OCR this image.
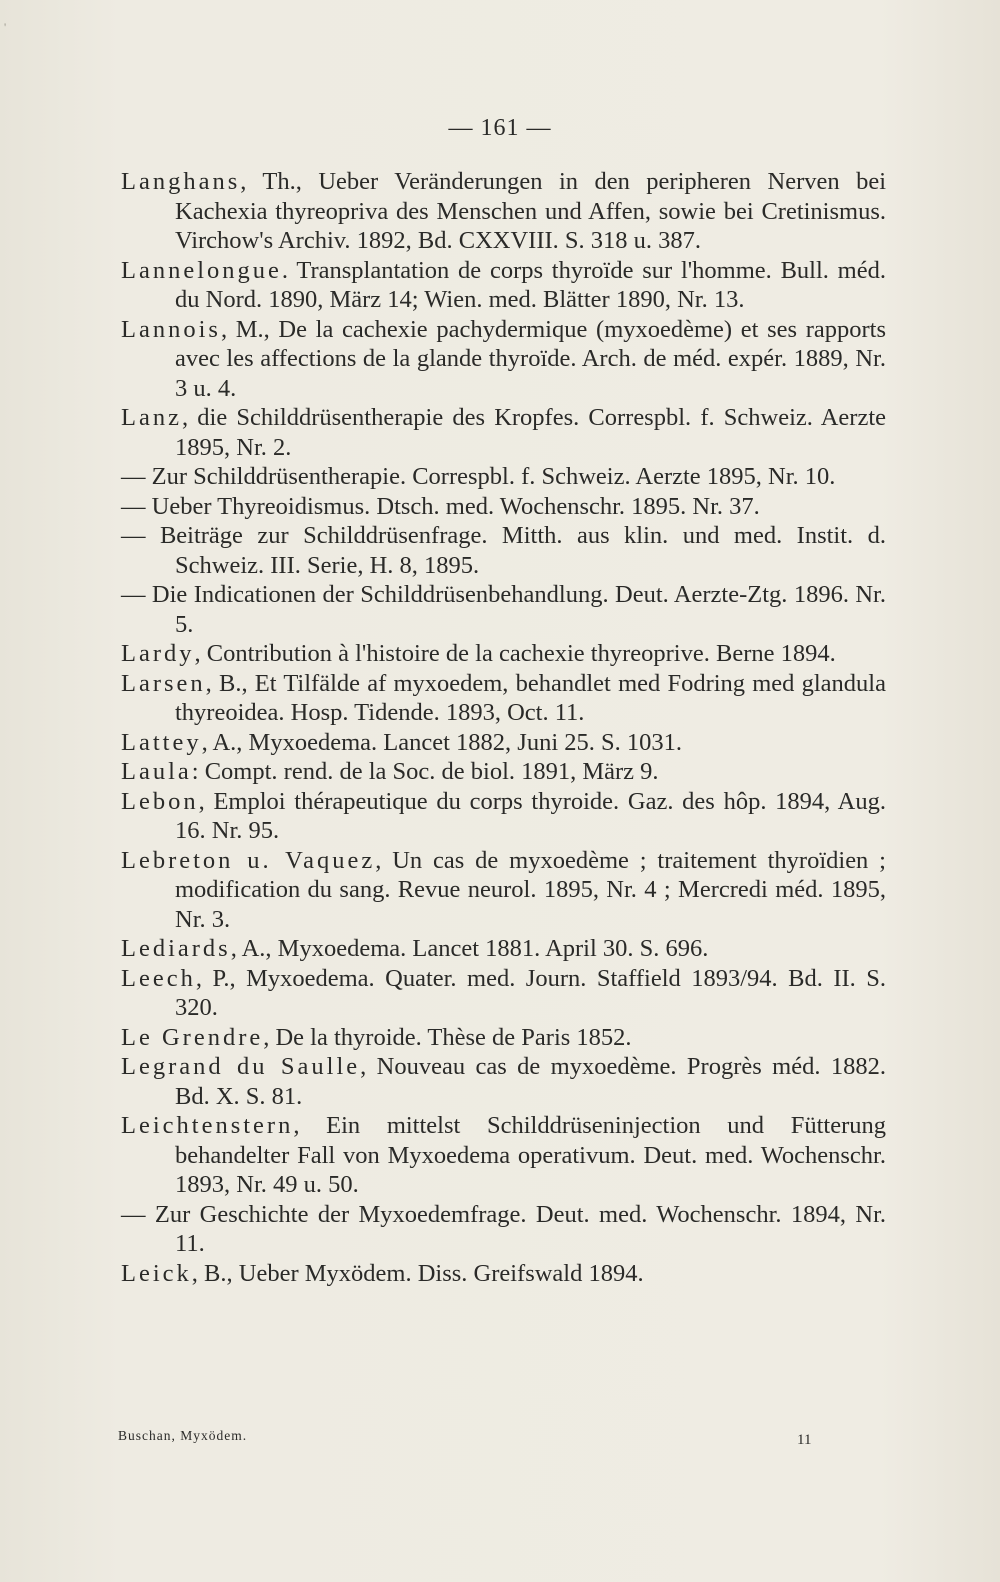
'
— 161 —

Langhans, Th., Ueber Veränderungen in den peripheren Nerven bei Kachexia thyreopriva des Menschen und Affen, sowie bei Cretinismus. Virchow's Archiv. 1892, Bd. CXXVIII. S. 318 u. 387.

Lannelongue. Transplantation de corps thyroïde sur l'homme. Bull. méd. du Nord. 1890, März 14; Wien. med. Blätter 1890, Nr. 13.

Lannois, M., De la cachexie pachydermique (myxoedème) et ses rapports avec les affections de la glande thyroïde. Arch. de méd. expér. 1889, Nr. 3 u. 4.

Lanz, die Schilddrüsentherapie des Kropfes. Correspbl. f. Schweiz. Aerzte 1895, Nr. 2.

— Zur Schilddrüsentherapie. Correspbl. f. Schweiz. Aerzte 1895, Nr. 10.

— Ueber Thyreoidismus. Dtsch. med. Wochenschr. 1895. Nr. 37.

— Beiträge zur Schilddrüsenfrage. Mitth. aus klin. und med. Instit. d. Schweiz. III. Serie, H. 8, 1895.

— Die Indicationen der Schilddrüsenbehandlung. Deut. Aerzte-Ztg. 1896. Nr. 5.

Lardy, Contribution à l'histoire de la cachexie thyreoprive. Berne 1894.

Larsen, B., Et Tilfälde af myxoedem, behandlet med Fodring med glandula thyreoidea. Hosp. Tidende. 1893, Oct. 11.

Lattey, A., Myxoedema. Lancet 1882, Juni 25. S. 1031.

Laula: Compt. rend. de la Soc. de biol. 1891, März 9.

Lebon, Emploi thérapeutique du corps thyroide. Gaz. des hôp. 1894, Aug. 16. Nr. 95.

Lebreton u. Vaquez, Un cas de myxoedème ; traitement thyroïdien ; modification du sang. Revue neurol. 1895, Nr. 4 ; Mercredi méd. 1895, Nr. 3.

Lediards, A., Myxoedema. Lancet 1881. April 30. S. 696.

Leech, P., Myxoedema. Quater. med. Journ. Staffield 1893/94. Bd. II. S. 320.

Le Grendre, De la thyroide. Thèse de Paris 1852.

Legrand du Saulle, Nouveau cas de myxoedème. Progrès méd. 1882. Bd. X. S. 81.

Leichtenstern, Ein mittelst Schilddrüseninjection und Fütterung behandelter Fall von Myxoedema operativum. Deut. med. Wochenschr. 1893, Nr. 49 u. 50.

— Zur Geschichte der Myxoedemfrage. Deut. med. Wochenschr. 1894, Nr. 11.

Leick, B., Ueber Myxödem. Diss. Greifswald 1894.

Buschan, Myxödem.	11
